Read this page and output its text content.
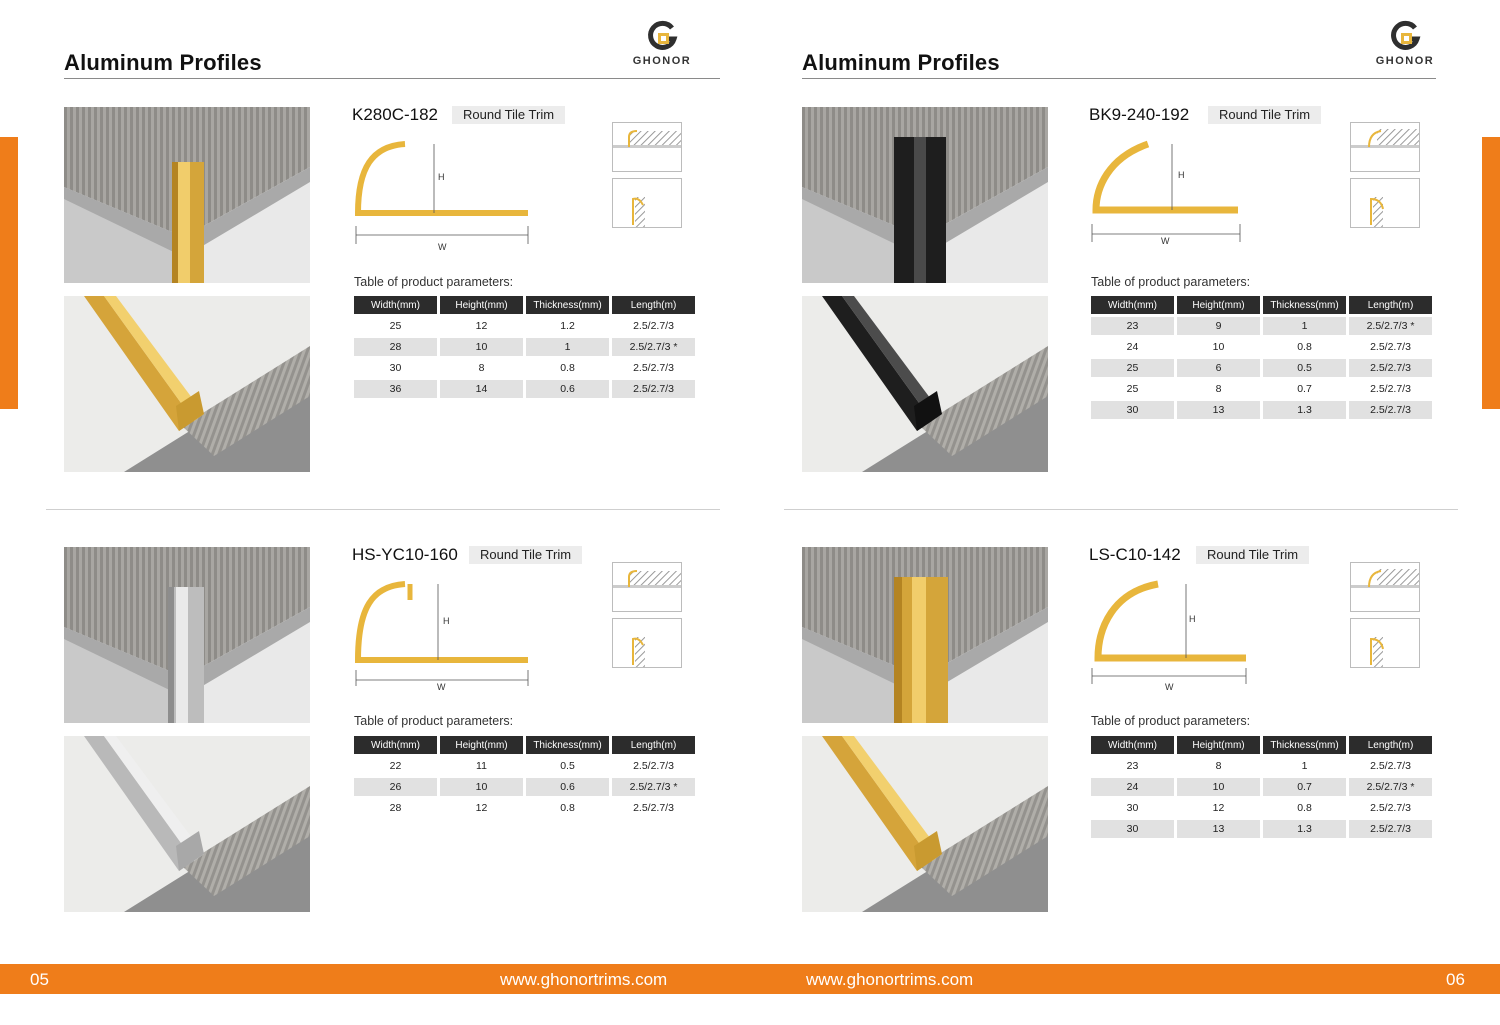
Aluminum Profiles	GHONOR	Aluminum Profiles	GHONOR
K280C-182	Round Tile Trim
H
W
Table of product parameters:
Width(mm)	Height(mm)	Thickness(mm)	Length(m)
25	12	1.2	2.5/2.7/3
28	10	1	2.5/2.7/3 *
30	8	0.8	2.5/2.7/3
36	14	0.6	2.5/2.7/3
HS-YC10-160	Round Tile Trim
H
W
Table of product parameters:
Width(mm)	Height(mm)	Thickness(mm)	Length(m)
22	11	0.5	2.5/2.7/3
26	10	0.6	2.5/2.7/3 *
28	12	0.8	2.5/2.7/3
BK9-240-192	Round Tile Trim
H
W
Table of product parameters:
Width(mm)	Height(mm)	Thickness(mm)	Length(m)
23	9	1	2.5/2.7/3 *
24	10	0.8	2.5/2.7/3
25	6	0.5	2.5/2.7/3
25	8	0.7	2.5/2.7/3
30	13	1.3	2.5/2.7/3
LS-C10-142	Round Tile Trim
H
W
Table of product parameters:
Width(mm)	Height(mm)	Thickness(mm)	Length(m)
23	8	1	2.5/2.7/3
24	10	0.7	2.5/2.7/3 *
30	12	0.8	2.5/2.7/3
30	13	1.3	2.5/2.7/3
05	www.ghonortrims.com	www.ghonortrims.com	06
